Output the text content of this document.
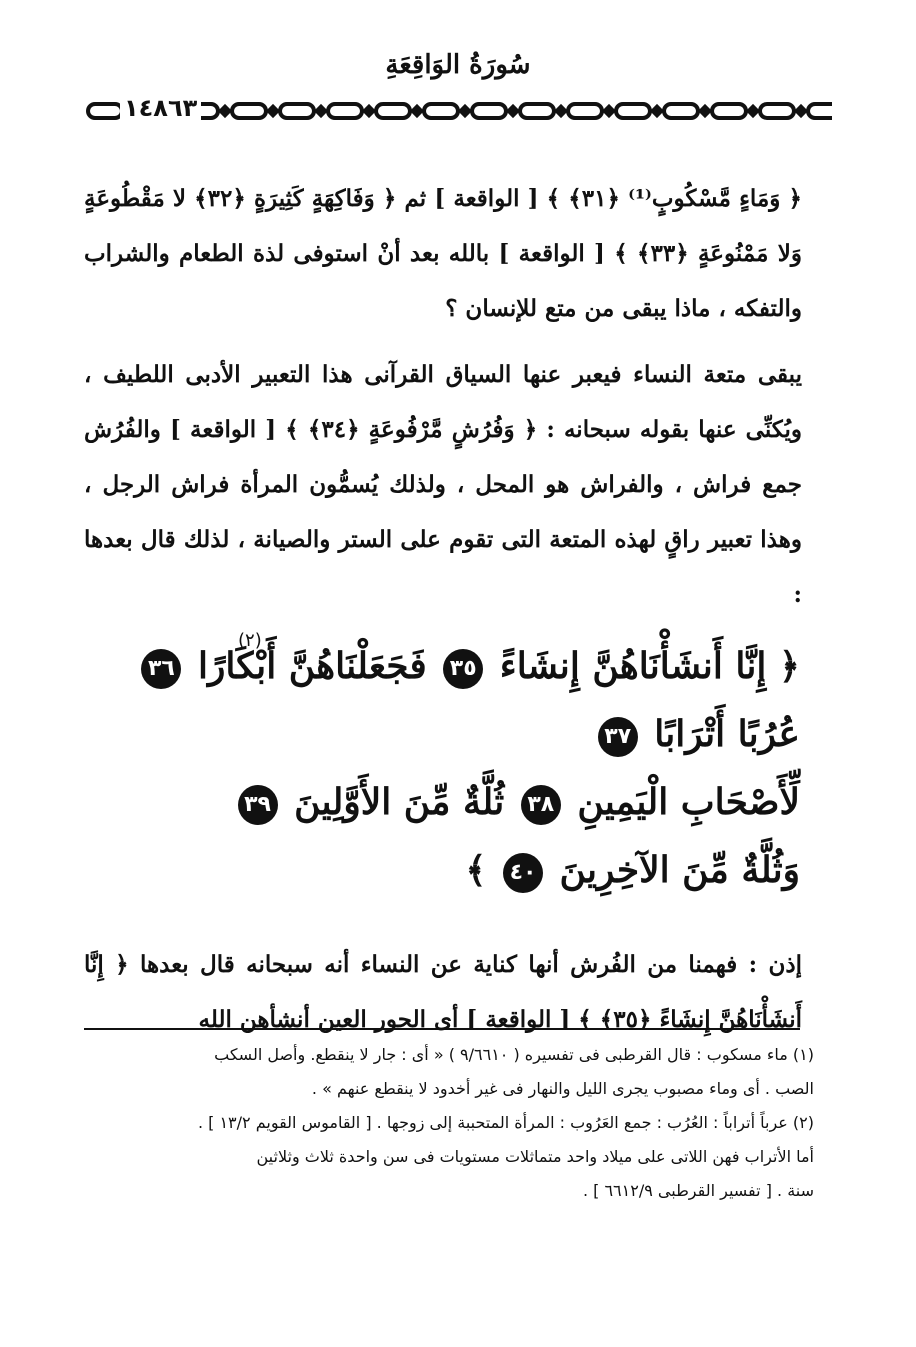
سُورَةُ الوَاقِعَةِ
١٤٨٦٣

﴿ وَمَاءٍ مَّسْكُوبٍ⁽¹⁾ ﴿٣١﴾ ﴾ [ الواقعة ] ثم ﴿ وَفَاكِهَةٍ كَثِيرَةٍ ﴿٣٢﴾ لا مَقْطُوعَةٍ وَلا مَمْنُوعَةٍ ﴿٣٣﴾ ﴾ [ الواقعة ] بالله بعد أنْ استوفى لذة الطعام والشراب والتفكه ، ماذا يبقى من متع للإنسان ؟

يبقى متعة النساء فيعبر عنها السياق القرآنى هذا التعبير الأدبى اللطيف ، ويُكنِّى عنها بقوله سبحانه : ﴿ وَفُرُشٍ مَّرْفُوعَةٍ ﴿٣٤﴾ ﴾ [ الواقعة ] والفُرُش جمع فراش ، والفراش هو المحل ، ولذلك يُسمُّون المرأة فراش الرجل ، وهذا تعبير راقٍ لهذه المتعة التى تقوم على الستر والصيانة ، لذلك قال بعدها :

(٢)
﴿ إِنَّا أَنشَأْنَاهُنَّ إِنشَاءً ٣٥ فَجَعَلْنَاهُنَّ أَبْكَارًا ٣٦ عُرُبًا أَتْرَابًا ٣٧
لِّأَصْحَابِ الْيَمِينِ ٣٨ ثُلَّةٌ مِّنَ الأَوَّلِينَ ٣٩
وَثُلَّةٌ مِّنَ الآخِرِينَ ٤٠ ﴾

إذن : فهمنا من الفُرش أنها كناية عن النساء أنه سبحانه قال بعدها ﴿ إِنَّا أَنشَأْنَاهُنَّ إِنشَاءً ﴿٣٥﴾ ﴾ [ الواقعة ] أى الحور العين أنشأهن الله

(١) ماء مسكوب : قال القرطبى فى تفسيره ( ٩/٦٦١٠ ) « أى : جار لا ينقطع. وأصل السكب
الصب . أى وماء مصبوب يجرى الليل والنهار فى غير أخدود لا ينقطع عنهم » .
(٢) عرباً أتراباً : العُرُب : جمع العَرُوب : المرأة المتحببة إلى زوجها . [ القاموس القويم ١٣/٢ ] .
أما الأتراب فهن اللاتى على ميلاد واحد متماثلات مستويات فى سن واحدة ثلاث وثلاثين
سنة . [ تفسير القرطبى ٦٦١٢/٩ ] .
